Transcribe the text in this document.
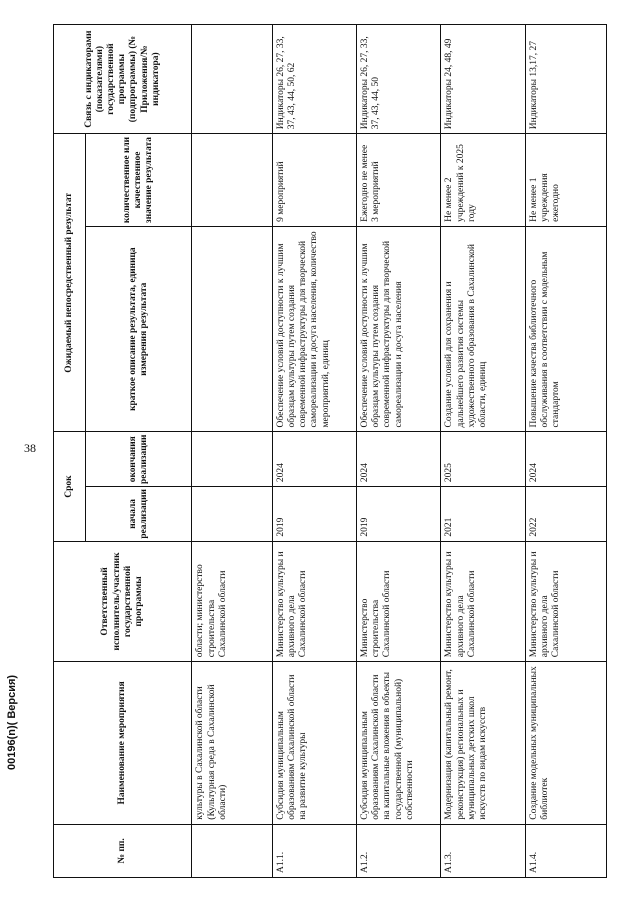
38
00196(n)( Версия)
№ пп.	Наименование мероприятия	Ответственный исполнитель/участник государственной программы	Срок		Ожидаемый непосредственный результат		Связь с индикаторами (показателями) государственной программы (подпрограммы) (№ Приложения/№ индикатора)
			начала реализации	окончания реализации	краткое описание результата, единица измерения результата	количественное или качественное значение результата	
	культуры в Сахалинской области (Культурная среда в Сахалинской области)	области; министерство строительства Сахалинской области					
А1.1.	Субсидия муниципальным образованиям Сахалинской области на развитие культуры	Министерство культуры и архивного дела Сахалинской области	2019	2024	Обеспечение условий доступности к лучшим образцам культуры путем создания современной инфраструктуры для творческой самореализации и досуга населения, количество мероприятий, единиц	9 мероприятий	Индикаторы 26, 27, 33, 37, 43, 44, 50, 62
А1.2.	Субсидия муниципальным образованиям Сахалинской области на капитальные вложения в объекты государственной (муниципальной) собственности	Министерство строительства Сахалинской области	2019	2024	Обеспечение условий доступности к лучшим образцам культуры путем создания современной инфраструктуры для творческой самореализации и досуга населения	Ежегодно не менее 3 мероприятий	Индикаторы 26, 27, 33, 37, 43, 44, 50
А1.3.	Модернизация (капитальный ремонт, реконструкция) региональных и муниципальных детских школ искусств по видам искусств	Министерство культуры и архивного дела Сахалинской области	2021	2025	Создание условий для сохранения и дальнейшего развития системы художественного образования в Сахалинской области, единиц	Не менее 2 учреждений к 2025 году	Индикаторы 24, 48, 49
А1.4.	Создание модельных муниципальных библиотек	Министерство культуры и архивного дела Сахалинской области	2022	2024	Повышение качества библиотечного обслуживания в соответствии с модельным стандартом	Не менее 1 учреждения ежегодно	Индикаторы 13,17, 27
